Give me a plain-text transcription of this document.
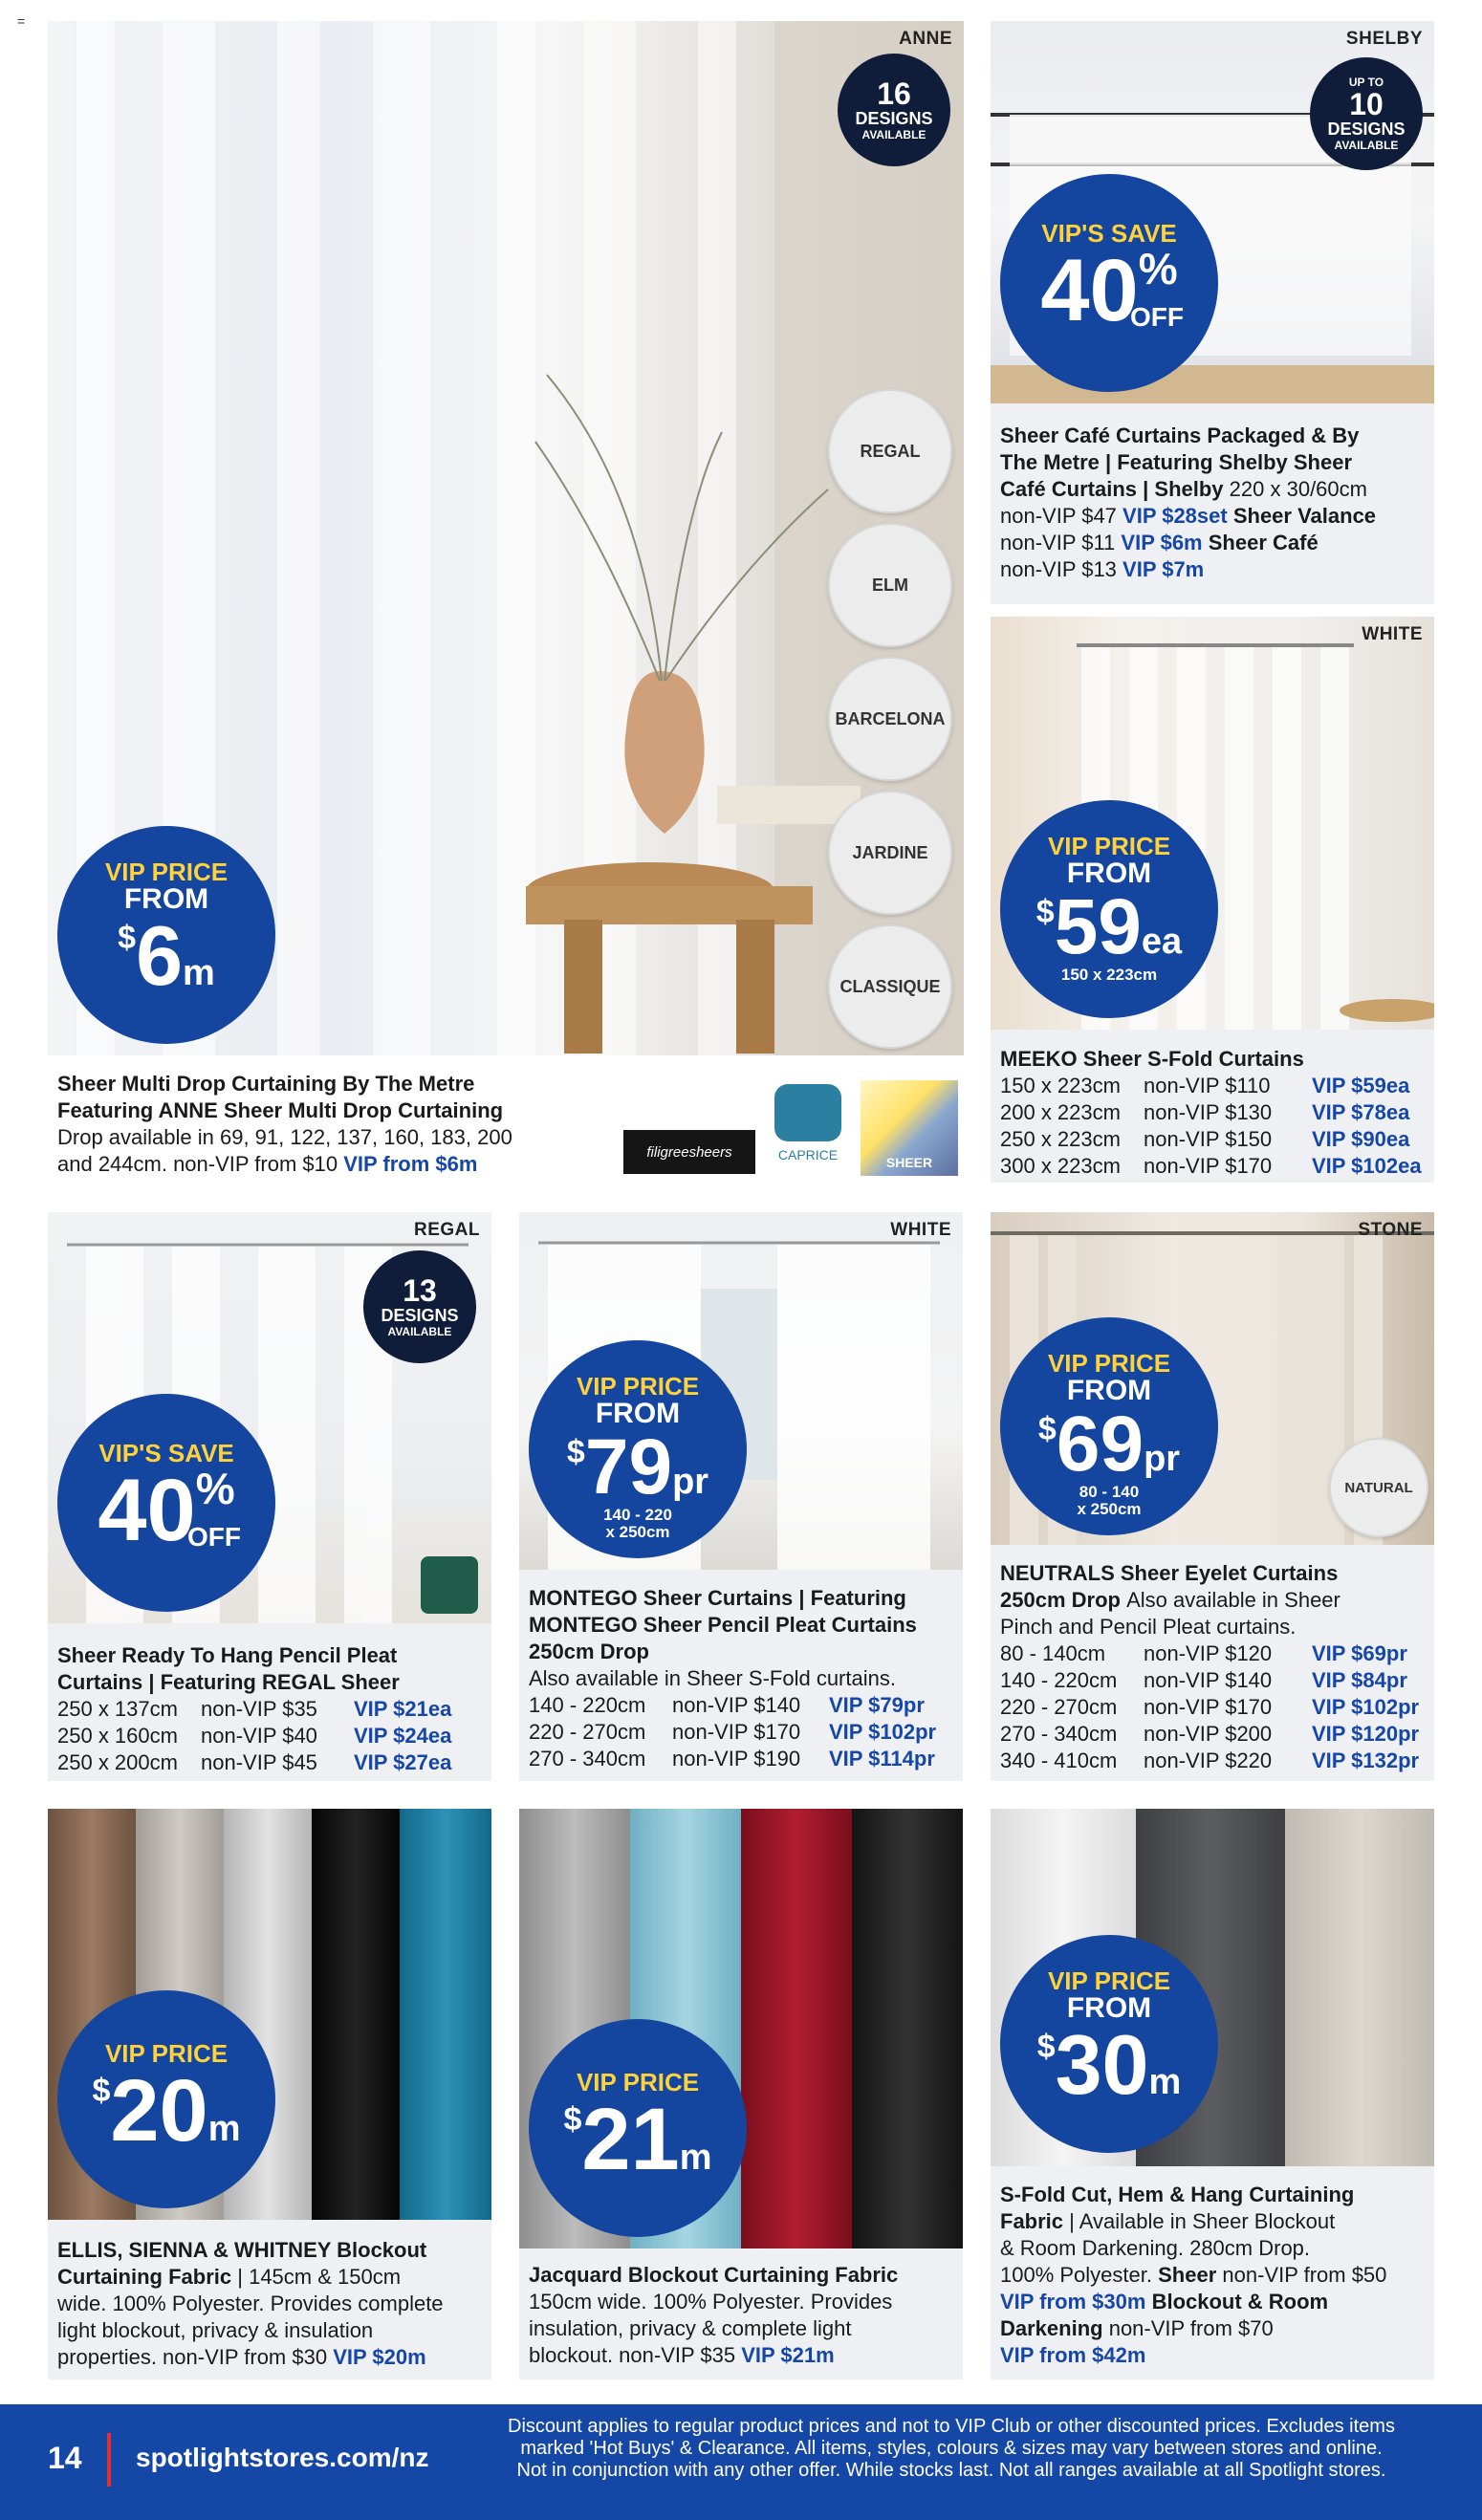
=
ANNE
16
DESIGNS
AVAILABLE
REGAL
ELM
BARCELONA
JARDINE
CLASSIQUE
VIP PRICE
FROM
$6m
Sheer Multi Drop Curtaining By The Metre
Featuring ANNE Sheer Multi Drop Curtaining
Drop available in 69, 91, 122, 137, 160, 183, 200
and 244cm. non-VIP from $10 VIP from $6m	filigreesheers	CAPRICE	SHEER
SHELBY
UP TO
10
DESIGNS
AVAILABLE
VIP'S SAVE
40%
OFF
Sheer Café Curtains Packaged & By
The Metre | Featuring Shelby Sheer
Café Curtains | Shelby 220 x 30/60cm
non-VIP $47 VIP $28set Sheer Valance
non-VIP $11 VIP $6m Sheer Café
non-VIP $13 VIP $7m
WHITE
VIP PRICE
FROM
$59ea
150 x 223cm
MEEKO Sheer S-Fold Curtains
150 x 223cm	non-VIP $110	VIP $59ea
200 x 223cm	non-VIP $130	VIP $78ea
250 x 223cm	non-VIP $150	VIP $90ea
300 x 223cm	non-VIP $170	VIP $102ea
REGAL
13
DESIGNS
AVAILABLE
VIP'S SAVE
40%
OFF
Sheer Ready To Hang Pencil Pleat
Curtains | Featuring REGAL Sheer
250 x 137cm	non-VIP $35	VIP $21ea
250 x 160cm	non-VIP $40	VIP $24ea
250 x 200cm	non-VIP $45	VIP $27ea
WHITE
VIP PRICE
FROM
$79pr
140 - 220
x 250cm
MONTEGO Sheer Curtains | Featuring
MONTEGO Sheer Pencil Pleat Curtains
250cm Drop
Also available in Sheer S-Fold curtains.
140 - 220cm	non-VIP $140	VIP $79pr
220 - 270cm	non-VIP $170	VIP $102pr
270 - 340cm	non-VIP $190	VIP $114pr
STONE
NATURAL
VIP PRICE
FROM
$69pr
80 - 140
x 250cm
NEUTRALS Sheer Eyelet Curtains
250cm Drop Also available in Sheer
Pinch and Pencil Pleat curtains.
80 - 140cm	non-VIP $120	VIP $69pr
140 - 220cm	non-VIP $140	VIP $84pr
220 - 270cm	non-VIP $170	VIP $102pr
270 - 340cm	non-VIP $200	VIP $120pr
340 - 410cm	non-VIP $220	VIP $132pr
VIP PRICE
$20m
ELLIS, SIENNA & WHITNEY Blockout
Curtaining Fabric | 145cm & 150cm
wide. 100% Polyester. Provides complete
light blockout, privacy & insulation
properties. non-VIP from $30 VIP $20m
VIP PRICE
$21m
Jacquard Blockout Curtaining Fabric
150cm wide. 100% Polyester. Provides
insulation, privacy & complete light
blockout. non-VIP $35 VIP $21m
VIP PRICE
FROM
$30m
S-Fold Cut, Hem & Hang Curtaining
Fabric | Available in Sheer Blockout
& Room Darkening. 280cm Drop.
100% Polyester. Sheer non-VIP from $50
VIP from $30m Blockout & Room
Darkening non-VIP from $70
VIP from $42m
14 spotlightstores.com/nz
Discount applies to regular product prices and not to VIP Club or other discounted prices. Excludes items
marked 'Hot Buys' & Clearance. All items, styles, colours & sizes may vary between stores and online.
Not in conjunction with any other offer. While stocks last. Not all ranges available at all Spotlight stores.
